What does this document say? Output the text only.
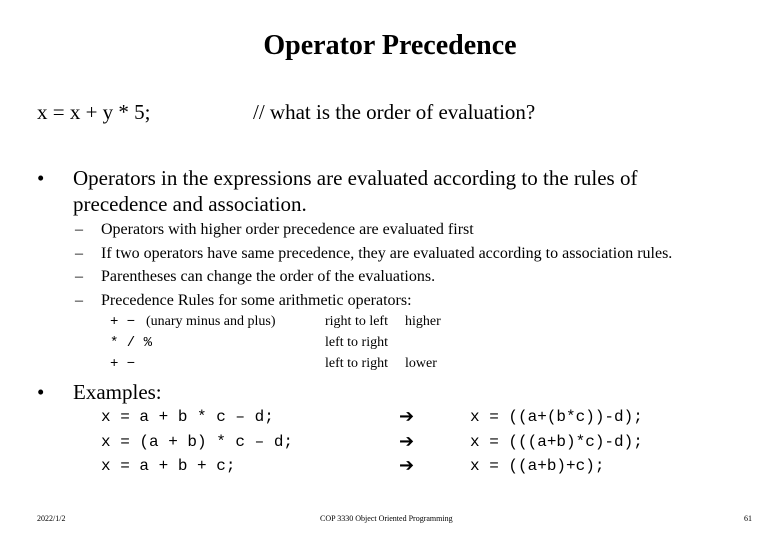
Operator Precedence
x = x + y * 5;	// what is the order of evaluation?
• Operators in the expressions are evaluated according to the rules of
precedence and association.
– Operators with higher order precedence are evaluated first
– If two operators have same precedence, they are evaluated according to association rules.
– Parentheses can change the order of the evaluations.
– Precedence Rules for some arithmetic operators:
+ − (unary minus and plus)	right to left higher
* / %	left to right
+ −	left to right lower
• Examples:
x = a + b * c – d;	➔	x = ((a+(b*c))-d);
x = (a + b) * c – d;	➔	x = (((a+b)*c)-d);
x = a + b + c;	➔	x = ((a+b)+c);
2022/1/2	COP 3330 Object Oriented Programming	61
